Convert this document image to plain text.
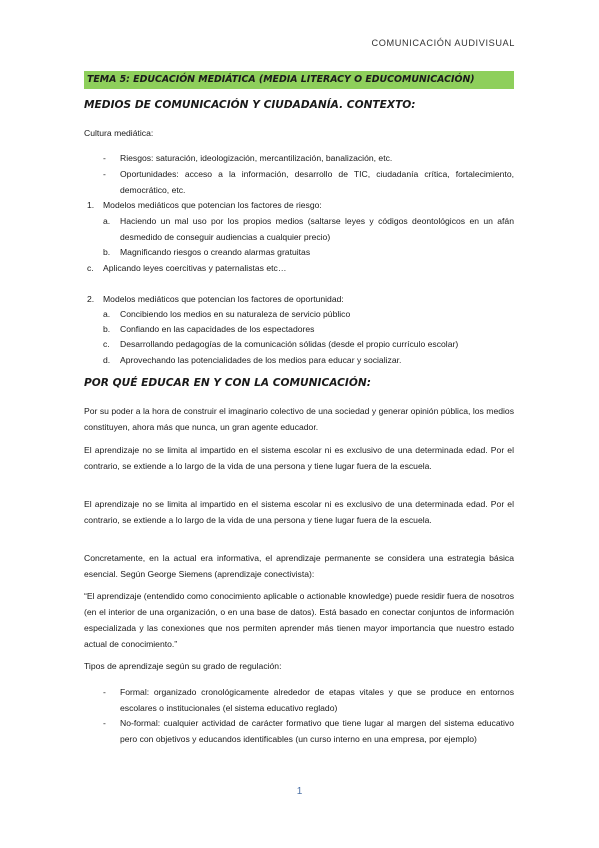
COMUNICACIÓN AUDIVISUAL
TEMA 5: EDUCACIÓN MEDIÁTICA (MEDIA LITERACY O EDUCOMUNICACIÓN)
MEDIOS DE COMUNICACIÓN Y CIUDADANÍA. CONTEXTO:
Cultura mediática:
- Riesgos: saturación, ideologización, mercantilización, banalización, etc.
- Oportunidades: acceso a la información, desarrollo de TIC, ciudadanía crítica, fortalecimiento, democrático, etc.
1. Modelos mediáticos que potencian los factores de riesgo:
a. Haciendo un mal uso por los propios medios (saltarse leyes y códigos deontológicos en un afán desmedido de conseguir audiencias a cualquier precio)
b. Magnificando riesgos o creando alarmas gratuitas
c. Aplicando leyes coercitivas y paternalistas etc…
2. Modelos mediáticos que potencian los factores de oportunidad:
a. Concibiendo los medios en su naturaleza de servicio público
b. Confiando en las capacidades de los espectadores
c. Desarrollando pedagogías de la comunicación sólidas (desde el propio currículo escolar)
d. Aprovechando las potencialidades de los medios para educar y socializar.
POR QUÉ EDUCAR EN Y CON LA COMUNICACIÓN:
Por su poder a la hora de construir el imaginario colectivo de una sociedad y generar opinión pública, los medios constituyen, ahora más que nunca, un gran agente educador.
El aprendizaje no se limita al impartido en el sistema escolar ni es exclusivo de una determinada edad. Por el contrario, se extiende a lo largo de la vida de una persona y tiene lugar fuera de la escuela.
El aprendizaje no se limita al impartido en el sistema escolar ni es exclusivo de una determinada edad. Por el contrario, se extiende a lo largo de la vida de una persona y tiene lugar fuera de la escuela.
Concretamente, en la actual era informativa, el aprendizaje permanente se considera una estrategia básica esencial. Según George Siemens (aprendizaje conectivista):
“El aprendizaje (entendido como conocimiento aplicable o actionable knowledge) puede residir fuera de nosotros (en el interior de una organización, o en una base de datos). Está basado en conectar conjuntos de información especializada y las conexiones que nos permiten aprender más tienen mayor importancia que nuestro estado actual de conocimiento.”
Tipos de aprendizaje según su grado de regulación:
- Formal: organizado cronológicamente alrededor de etapas vitales y que se produce en entornos escolares o institucionales (el sistema educativo reglado)
- No-formal: cualquier actividad de carácter formativo que tiene lugar al margen del sistema educativo pero con objetivos y educandos identificables (un curso interno en una empresa, por ejemplo)
1
